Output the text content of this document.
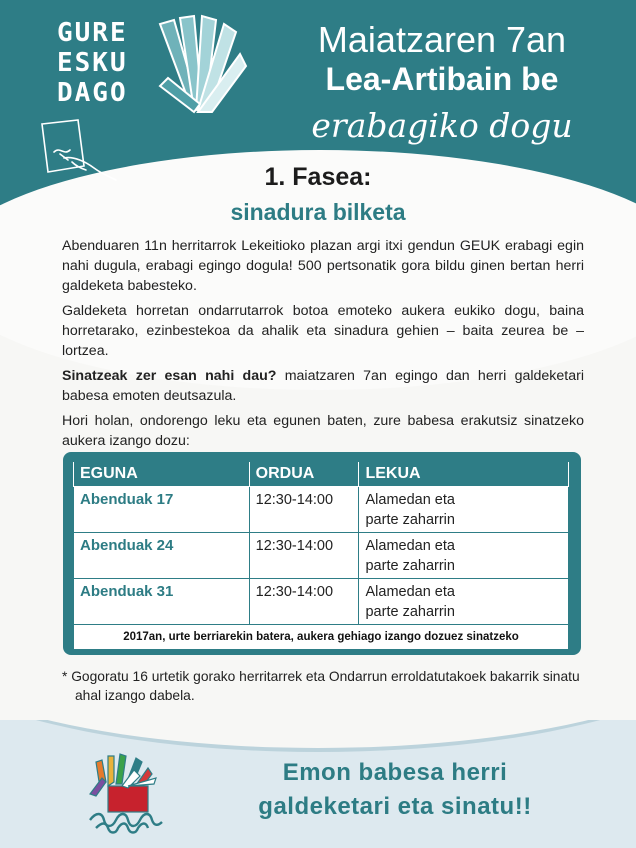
GURE
ESKU
DAGO
Maiatzaren 7an
Lea-Artibain be
erabagiko dogu
1. Fasea:
sinadura bilketa

Abenduaren 11n herritarrok Lekeitioko plazan argi itxi gendun GEUK erabagi egin nahi dugula, erabagi egingo dogula! 500 pertsonatik gora bildu ginen bertan herri galdeketa babesteko.

Galdeketa horretan ondarrutarrok botoa emoteko aukera eukiko dogu, baina horretarako, ezinbestekoa da ahalik eta sinadura gehien – baita zeurea be –lortzea.

Sinatzeak zer esan nahi dau? maiatzaren 7an egingo dan herri galdeketari babesa emoten deutsazula.

Hori holan, ondorengo leku eta egunen baten, zure babesa erakutsiz sinatzeko aukera izango dozu:

EGUNA	ORDUA	LEKUA
Abenduak 17	12:30-14:00	Alamedan eta
parte zaharrin

Abenduak 24	12:30-14:00	Alamedan eta
parte zaharrin

Abenduak 31	12:30-14:00	Alamedan eta
parte zaharrin

2017an, urte berriarekin batera, aukera gehiago izango dozuez sinatzeko		
* Gogoratu 16 urtetik gorako herritarrek eta Ondarrun erroldatutakoek bakarrik sinatu ahal izango dabela.
Emon babesa herri
galdeketari eta sinatu!!
